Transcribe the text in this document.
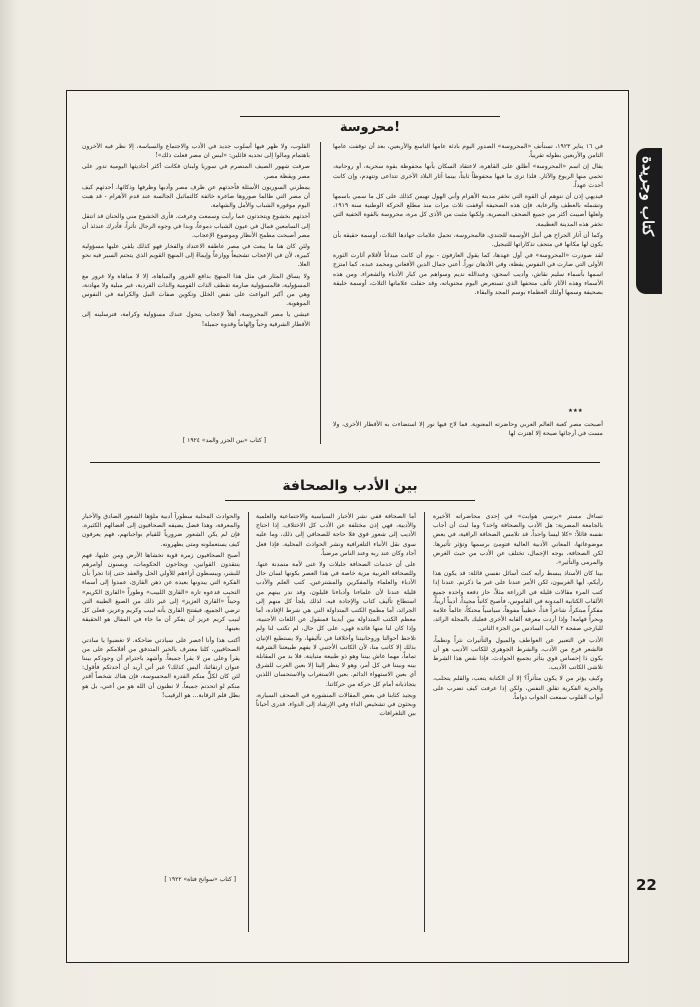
كتاب وجريدة
محروسة!

في ١٦ يناير ١٩٢٣، تستأنف «المحروسة» الصدور اليوم بادئة عامها التاسع والأربعين، بعد أن توقفت عامها الثامن والأربعين بطوله تقريباً.

يقال إن اسم «المحروسة» أطلق على القاهرة، لاعتقاد السكان بأنها محفوظة بقوة سحرية، أو روحانية، تحمي منها الربوع والآثار. فلذا ترى ما فيها محفوظاً ثابتاً، بينما آثار البلاد الأخرى تتداعى وتتهدم، وإن كانت أحدث عهداً.

فيديهي إذن أن نتوهم أن القوة التي تخفر مدينة الأهرام وأبي الهول تهيمن كذلك على كل ما سمي باسمها وتشمله بالعطف والرعاية. فإن هذه الصحيفة أوقفت ثلاث مرات منذ مطلع الحركة الوطنية سنة ١٩١٩، ولعلها أصيبت أكثر من جميع الصحف المصرية. ولكنها مثبت من الأذى كل مرة، محروسة بالقوة الخفية التي تخفر هذه المدينة العظيمة.

وكما أن آثار الجراح هي أنبل الأوسمة للجندي، فالمحروسة، تحمل علامات جهادها الثلاث، أوسمة حقيقة بأن يكون لها مكانها في متحف تذكاراتها للتبجيل.

لقد صودرت «المحروسة» في أول عهدها، كما يقول العارفون - يوم أن كانت ميداناً لأقلام أثارت الثورة الأولى التي صارت في النفوس يقظة، وفي الأذهان نوراً. أعني جمال الدين الأفغاني ومحمد عبده. كما امتزج اسمها بأسماء سليم نقاش، وأديب اسحق، وعبدالله نديم وسواهم من كبار الأدباء والشعراء. ومن هذه الأسماء وهذه الآثار تألف متحفها الذي تستعرض اليوم محتوياته، وقد حفلت علاماتها الثلاث، أوسمة خليقة بصحيفة وسمها أولئك العظماء بوسم المجد والبقاء.

٭٭٭

أصبحت مصر كعبة العالم العربي وحاضرته المعنوية. فما لاح فيها نور إلا استضاءت به الأقطار الأخرى، ولا مست في أرجائها صيحة إلا اهتزت لها

القلوب، ولا ظهر فيها أسلوب جديد في الأدب والاجتماع والسياسة، إلا نظر فيه الآخرون باهتمام ومالوا إلى تحديه قائلين: «ليس ان مصر فعلت ذلك»!

صرفت شهور الصيف المنصرم في سوريا ولبنان فكانت أكثر أحاديثها اليومية تدور على مصر ويقظة مصر.

يمطرني السوريون الأسئلة فأحدثهم عن ظرف مصر وأدبها وظرفها وذكائها. أحدثهم كيف أن مصر التي طالما صوروها صاغرة خائفة كالتماثيل الجالسة عند قدم الأهرام - قد هبت اليوم موفورة الشباب والأمل والشهامة.

أحدثهم بخشوع ويتحدثون عما رأيت وسمعت وعرفت. فأرى الخشوع مني والحنان قد انتقل إلى السامعين فمال في عيون الشباب دموعاً، وبدا في وجوه الرجال تأثراً، فأدرك عندئذ أن مصر أصبحت مطمح الأنظار وموضوع الإعجاب.

ولئن كان هنا ما يبعث في مصر عاطفة الاعتداد والفخار فهو كذلك يلقي عليها مسؤولية كبيرة، لأن في الإعجاب تشجيعاً ووازعاً وإيماءً إلى المنهج القويم الذي يتحتم السير فيه نحو العلا.

ولا يساق المثار في مثل هذا المنهج بدافع الغرور والمباهاة. إلا لا مباهاة ولا غرور مع المسؤولية، فالمسؤولية صارمة تقطف الذات القومية والذات الفردية، غير مبلية ولا مهادنة، وهي من أكبر البواعث على نفض الخلل وتكوين صفات النبل والكرامة في النفوس الموهوبة.

عيشي يا مصر المحروسة، أهلاً لإعجاب يتحول عندك مسؤولية وكرامة، فترسلينه إلى الأقطار الشرقية وحياً وإلهاماً وقدوة جميلة!

[ كتاب «بين الجزر والمد» ١٩٢٤ ]
بين الأدب والصحافة

تساءل مستر «برسي هوايت» في إحدى محاضراته الأخيرة بالجامعة المصرية: هل الأدب والصحافة واحد؟ وما لبث أن أجاب نفسه قائلاً: «كلا ليسا واحداً. قد تلامس الصحافة الراقية، في بعض موضوعاتها، المعاني الأدبية العالية فتومئ برسمها وتؤثر تأثيرها. لكن الصحافة، بوجه الإجمال، تختلف عن الأدب من حيث الغرض والمرمى والتأثير».

بينا كان الأستاذ يبسط رأيه كنت أسائل نفسي قائلة: قد يكون هذا رأيكم، أيها الغربيون، لكن الأمر عندنا على غير ما ذكرتم. عندنا إذا كتب المرء مقالات قليلة في الزراعة مثلاً، حاز دفعة واحدة جميع الألقاب الكتابية المدونة في القاموس، فأصبح كاتباً مجيداً، أديباً أريباً، مفكراً مبتكراً، شاعراً فذاً، خطيباً مفوهاً، سياسياً محنكاً، عالماً علامة وبحراً فهامة! وإذا أردت معرفة ألقابه الأخرى فعليك بالمجلة الرائد، للبازجي صفحة ٢ الباب السادس من الجزء الثاني.

الأدب فن التعبير عن العواطف والميول والتأثيرات نثراً ونظماً، فالشعر فرع من الأدب، والشرط الجوهري للكاتب الأديب هو أن يكون ذا إحساس قوي يتأثر بجميع الحوادث. فإذا نقص هذا الشرط تلاشى الكاتب الأديب.

وكيف يؤثر من لا يكون متأثراً؟ إلا أن الكتابة يتعب، والقلم يتحلب، والحرية الفكرية تقلق النفس، ولكن إذا عرفت كيف تضرب على أبواب القلوب سمعت الجواب دواماً.

أما الصحافة ففي نشر الأخبار السياسية والاجتماعية والعلمية والأدبية، فهي إذن مختلفة عن الأدب كل الاختلاف. إذا احتاج الأديب إلى شعور قوي فلا حاجة للصحافي إلى ذلك، وما عليه سوى نقل الأنباء التلغرافية ونشر الحوادث المحلية. فإذا فعل أجاد وكان عند ربه وعند الناس مرضياً.

على أن خدمات الصحافة جليلات ولا غنى لأمة متمدنة عنها. وللصحافة العربية مزية خاصة في هذا العصر بكونها لسان حال الأدباء والعلماء والمفكرين والمشترعين. كتب العلم والأدب قليلة عندنا لأن علماءنا وأدباءنا قليلون، وقد ندر بينهم من استطاع تأليف كتاب والإجادة فيه. لذلك يلجأ كل منهم إلى الجرائد، أما مطمح الكتب المتداولة التي هي شرط الإفادة، أما معظم الكتب المتداولة بين أيدينا فمنقول عن اللغات الأجنبية، وإذا كان لنا منها فائدة فهي، على كل حال، لم تكتب لنا ولم تلاحظ أحوالنا وروحانيتنا وأخلاقنا في تأليفها، ولا يستطيع الإتيان بذلك إلا كاتب منا، لأن الكاتب الأجنبي لا يفهم طبيعتنا الشرقية تماماً، مهما عاش بيننا وهو ذو طبيعة متباينة. فلا بد من المقابلة بينه وبيننا في كل أمر، وهو لا ينظر إلينا إلا بعين الغرب للشرق أي بعين الاستهواء الدائم. بعين الاستغراب والاستحسان اللذين يتجاذبانه أمام كل حركة من حركاتنا.

ويجيد كثابنا في بعض المقالات المنشورة في الصحف السيارة، وبحثون في تشخيص الداء وفي الإرشاد إلى الدواء. فدرى أحياناً بين التلغرافات

والحوادث المحلية سطوراً أدبية ملؤها الشعور الصادق والأخبار والمعرفة، وهذا فضل يضيفه الصحافيون إلى أفضالهم الكثيرة. فإن لم يكن الشعور ضرورياً للقيام بواجباتهم، فهم يعرفون كيف يستعملونه ومتى يظهرونه.

أصبح الصحافيون زمرة قوية تخشاها الأرض ومن عليها، فهم ينتقدون القوانين، ويحاجون الحكومات، ويسنون أوامرهم للبشر، ويبسطون آراءهم للأولي الحل والعقد حتى إذا تجرأ بأن الفكرة التي يبدونها بعيدة عن ذهن القارئ، عمدوا إلى أسماء التحبب فدعوه تارة «القارئ اللبيب» وطوراً «القارئ الكريم» وحيناً «القارئ العزيز» إلى غير ذلك من الصيغ الطيبة التي ترضي الجميع، فيفتتح القارئ بأنه لبيب وكريم وعزيز، فعلى كل لبيب كريم عزيز أن يفكر أن ما جاء في المقال هو الحقيقة بعينها.

أكتب هذا وأنا أعصر على سيادتي ضاحكة. لا تغضبوا يا سادتي الصحافيين، كلنا معترف بالخير المتدفق من أقلامكم على من يقرأ وعلى من لا يقرأ جميعاً. وأشهد باحترام أن وجودكم بيننا عنوان ارتقائنا، أليس كذلك؟ غير أني أريد أن أحدثكم فأقول: لئن كان لكلٍّ منكم القدرة المحسوسة، فإن هناك شخصاً أقدر منكم لو اتحدتم جميعاً. لا تظنون أن الله هو من أعني، بل هو بطل قلم الرقابة... هو الرقيب!

[ كتاب «سوانح فتاة» ١٩٢٢ ]	22
